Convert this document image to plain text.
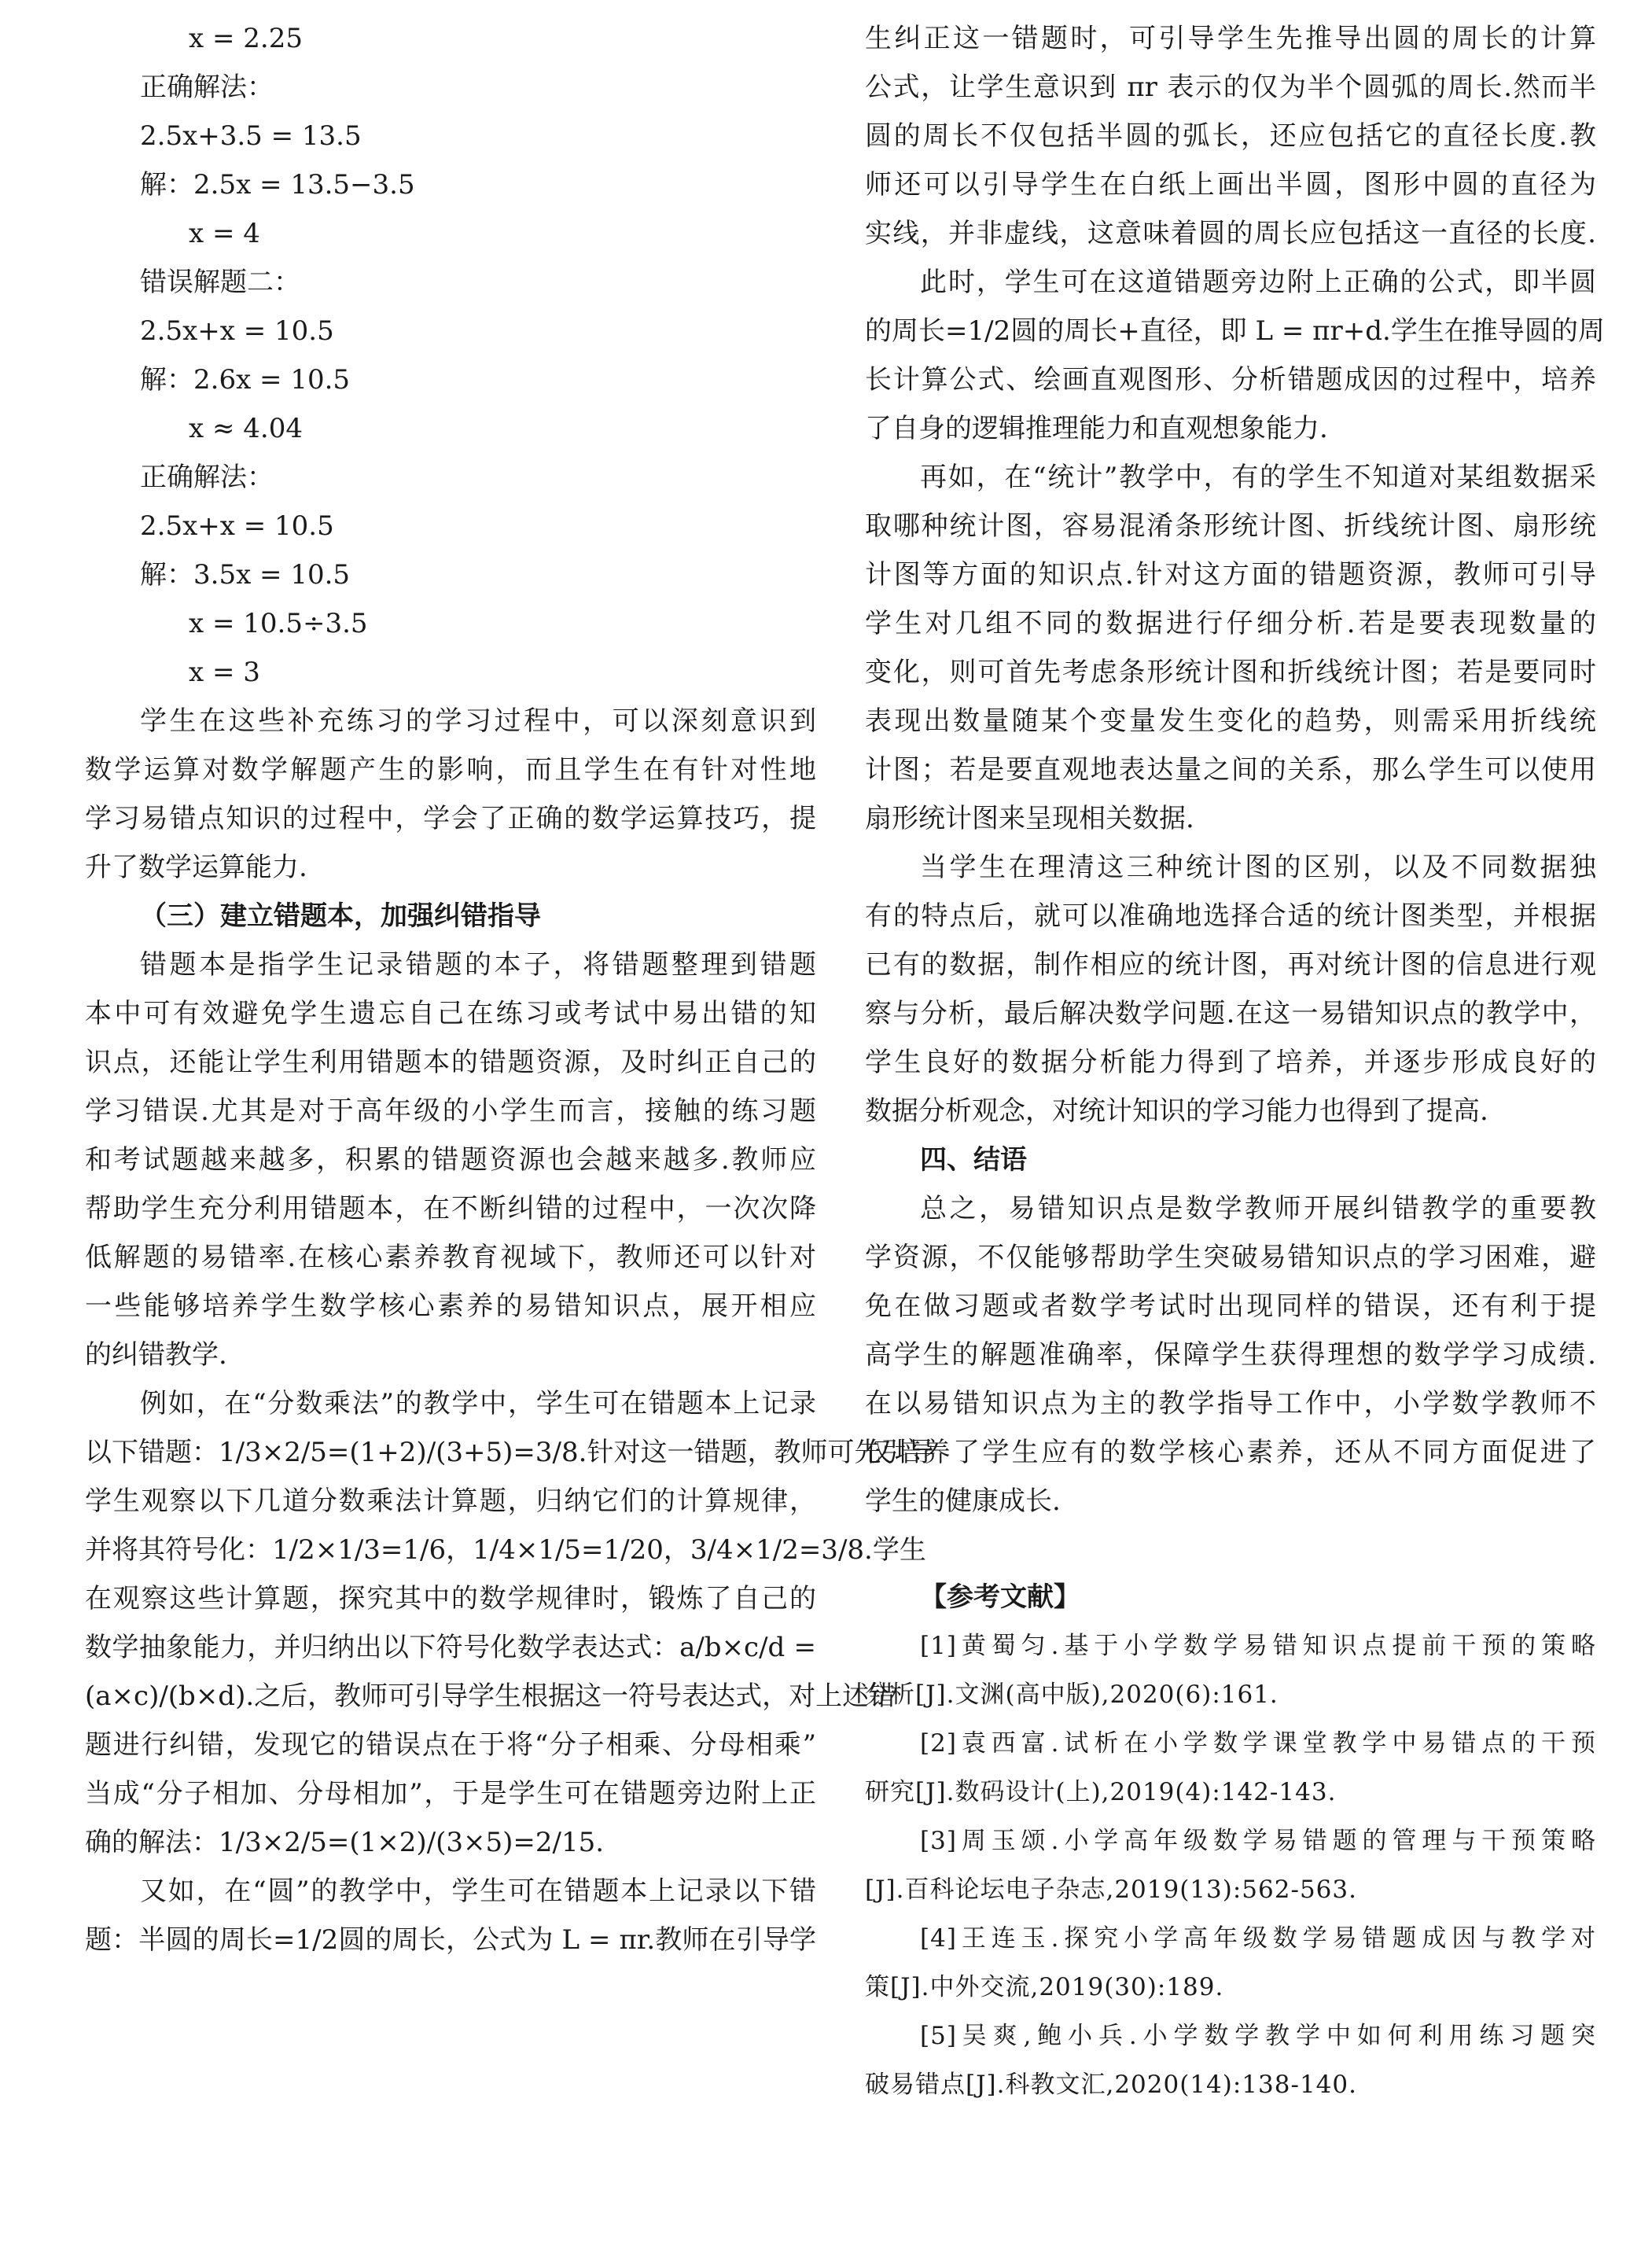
x = 2.25
正确解法：
2.5x+3.5 = 13.5
解：2.5x = 13.5−3.5
x = 4
错误解题二：
2.5x+x = 10.5
解：2.6x = 10.5
x ≈ 4.04
正确解法：
2.5x+x = 10.5
解：3.5x = 10.5
x = 10.5÷3.5
x = 3
学生在这些补充练习的学习过程中，可以深刻意识到
数学运算对数学解题产生的影响，而且学生在有针对性地
学习易错点知识的过程中，学会了正确的数学运算技巧，提
升了数学运算能力.
（三）建立错题本，加强纠错指导
错题本是指学生记录错题的本子，将错题整理到错题
本中可有效避免学生遗忘自己在练习或考试中易出错的知
识点，还能让学生利用错题本的错题资源，及时纠正自己的
学习错误.尤其是对于高年级的小学生而言，接触的练习题
和考试题越来越多，积累的错题资源也会越来越多.教师应
帮助学生充分利用错题本，在不断纠错的过程中，一次次降
低解题的易错率.在核心素养教育视域下，教师还可以针对
一些能够培养学生数学核心素养的易错知识点，展开相应
的纠错教学.
例如，在“分数乘法”的教学中，学生可在错题本上记录
以下错题：1/3×2/5=(1+2)/(3+5)=3/8.针对这一错题，教师可先引导
学生观察以下几道分数乘法计算题，归纳它们的计算规律，
并将其符号化：1/2×1/3=1/6，1/4×1/5=1/20，3/4×1/2=3/8.学生
在观察这些计算题，探究其中的数学规律时，锻炼了自己的
数学抽象能力，并归纳出以下符号化数学表达式：a/b×c/d =
(a×c)/(b×d).之后，教师可引导学生根据这一符号表达式，对上述错
题进行纠错，发现它的错误点在于将“分子相乘、分母相乘”
当成“分子相加、分母相加”，于是学生可在错题旁边附上正
确的解法：1/3×2/5=(1×2)/(3×5)=2/15.
又如，在“圆”的教学中，学生可在错题本上记录以下错
题：半圆的周长=1/2圆的周长，公式为 L = πr.教师在引导学
生纠正这一错题时，可引导学生先推导出圆的周长的计算
公式，让学生意识到 πr 表示的仅为半个圆弧的周长.然而半
圆的周长不仅包括半圆的弧长，还应包括它的直径长度.教
师还可以引导学生在白纸上画出半圆，图形中圆的直径为
实线，并非虚线，这意味着圆的周长应包括这一直径的长度.
此时，学生可在这道错题旁边附上正确的公式，即半圆
的周长=1/2圆的周长+直径，即 L = πr+d.学生在推导圆的周
长计算公式、绘画直观图形、分析错题成因的过程中，培养
了自身的逻辑推理能力和直观想象能力.
再如，在“统计”教学中，有的学生不知道对某组数据采
取哪种统计图，容易混淆条形统计图、折线统计图、扇形统
计图等方面的知识点.针对这方面的错题资源，教师可引导
学生对几组不同的数据进行仔细分析.若是要表现数量的
变化，则可首先考虑条形统计图和折线统计图；若是要同时
表现出数量随某个变量发生变化的趋势，则需采用折线统
计图；若是要直观地表达量之间的关系，那么学生可以使用
扇形统计图来呈现相关数据.
当学生在理清这三种统计图的区别，以及不同数据独
有的特点后，就可以准确地选择合适的统计图类型，并根据
已有的数据，制作相应的统计图，再对统计图的信息进行观
察与分析，最后解决数学问题.在这一易错知识点的教学中，
学生良好的数据分析能力得到了培养，并逐步形成良好的
数据分析观念，对统计知识的学习能力也得到了提高.
四、结语
总之，易错知识点是数学教师开展纠错教学的重要教
学资源，不仅能够帮助学生突破易错知识点的学习困难，避
免在做习题或者数学考试时出现同样的错误，还有利于提
高学生的解题准确率，保障学生获得理想的数学学习成绩.
在以易错知识点为主的教学指导工作中，小学数学教师不
仅培养了学生应有的数学核心素养，还从不同方面促进了
学生的健康成长.
【参考文献】
[1]黄蜀匀.基于小学数学易错知识点提前干预的策略
分析[J].文渊(高中版),2020(6):161.
[2]袁西富.试析在小学数学课堂教学中易错点的干预
研究[J].数码设计(上),2019(4):142-143.
[3]周玉颂.小学高年级数学易错题的管理与干预策略
[J].百科论坛电子杂志,2019(13):562-563.
[4]王连玉.探究小学高年级数学易错题成因与教学对
策[J].中外交流,2019(30):189.
[5]吴爽,鲍小兵.小学数学教学中如何利用练习题突
破易错点[J].科教文汇,2020(14):138-140.
